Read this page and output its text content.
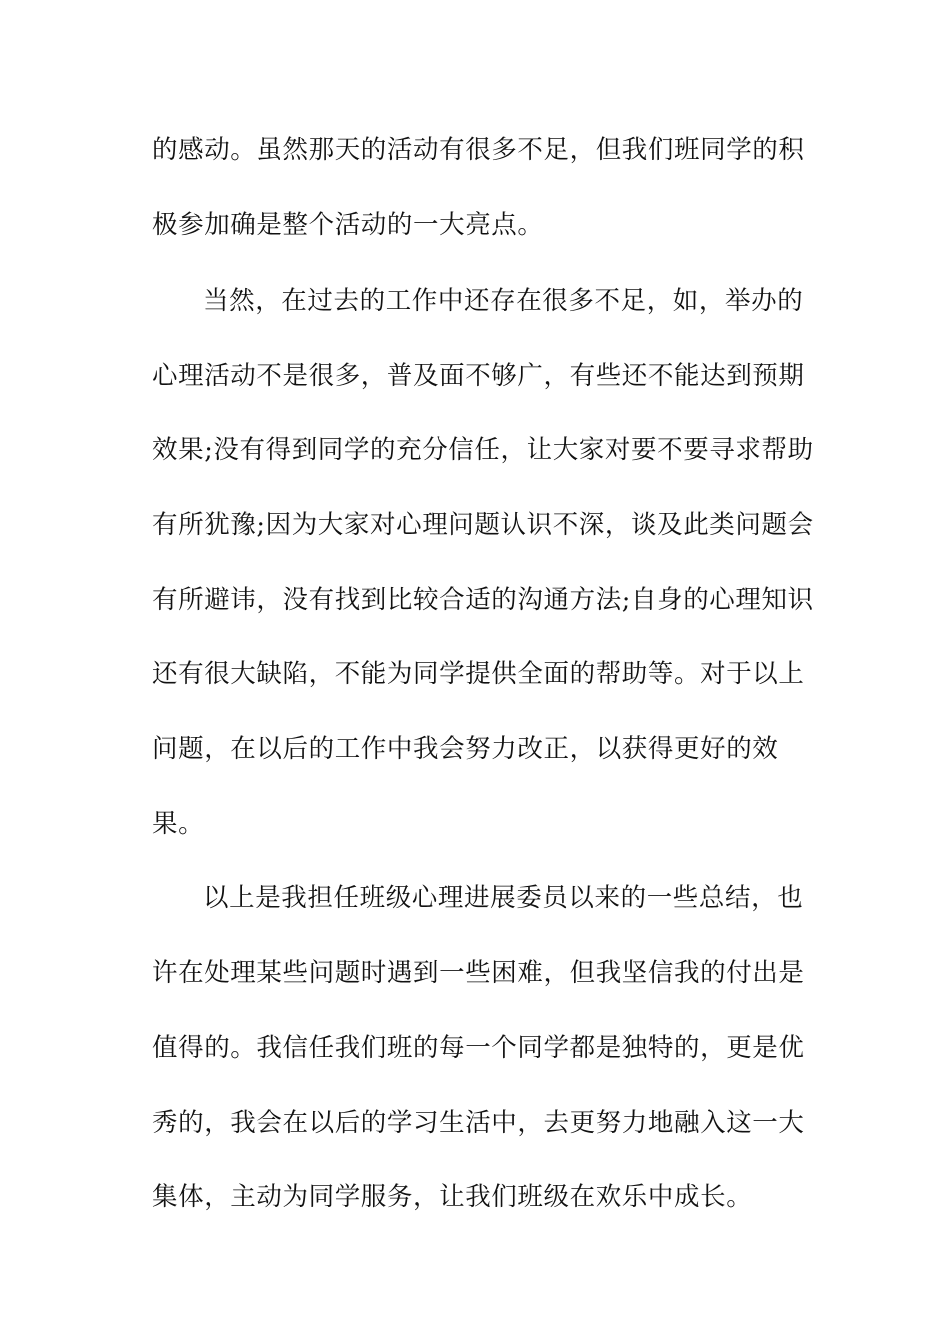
的感动。虽然那天的活动有很多不足，但我们班同学的积
极参加确是整个活动的一大亮点。
当然，在过去的工作中还存在很多不足，如，举办的
心理活动不是很多，普及面不够广，有些还不能达到预期
效果;没有得到同学的充分信任，让大家对要不要寻求帮助
有所犹豫;因为大家对心理问题认识不深，谈及此类问题会
有所避讳，没有找到比较合适的沟通方法;自身的心理知识
还有很大缺陷，不能为同学提供全面的帮助等。对于以上
问题，在以后的工作中我会努力改正，以获得更好的效
果。
以上是我担任班级心理进展委员以来的一些总结，也
许在处理某些问题时遇到一些困难，但我坚信我的付出是
值得的。我信任我们班的每一个同学都是独特的，更是优
秀的，我会在以后的学习生活中，去更努力地融入这一大
集体，主动为同学服务，让我们班级在欢乐中成长。
